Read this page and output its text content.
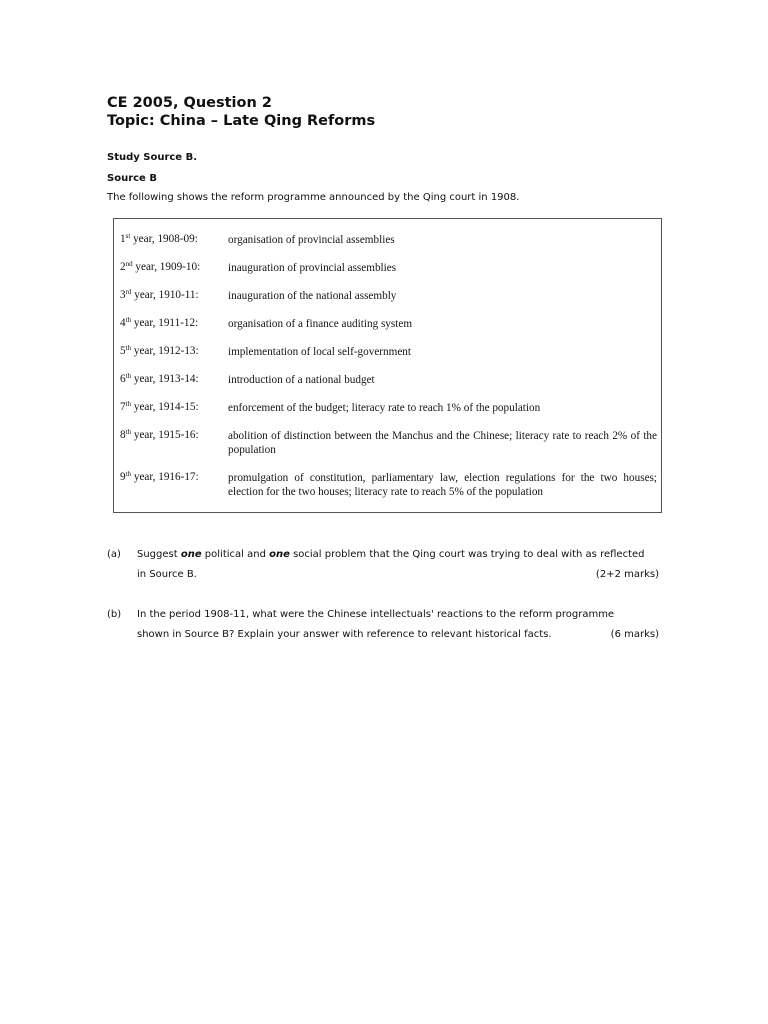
CE 2005, Question 2
Topic: China – Late Qing Reforms
Study Source B.
Source B
The following shows the reform programme announced by the Qing court in 1908.
1st year, 1908-09:	organisation of provincial assemblies
2nd year, 1909-10:	inauguration of provincial assemblies
3rd year, 1910-11:	inauguration of the national assembly
4th year, 1911-12:	organisation of a finance auditing system
5th year, 1912-13:	implementation of local self-government
6th year, 1913-14:	introduction of a national budget
7th year, 1914-15:	enforcement of the budget; literacy rate to reach 1% of the population
8th year, 1915-16:	abolition of distinction between the Manchus and the Chinese; literacy rate to reach 2% of the population
9th year, 1916-17:	promulgation of constitution, parliamentary law, election regulations for the two houses; election for the two houses; literacy rate to reach 5% of the population
(a)	Suggest one political and one social problem that the Qing court was trying to deal with as reflected
in Source B.	(2+2 marks)
(b)	In the period 1908-11, what were the Chinese intellectuals' reactions to the reform programme
shown in Source B? Explain your answer with reference to relevant historical facts.	(6 marks)
